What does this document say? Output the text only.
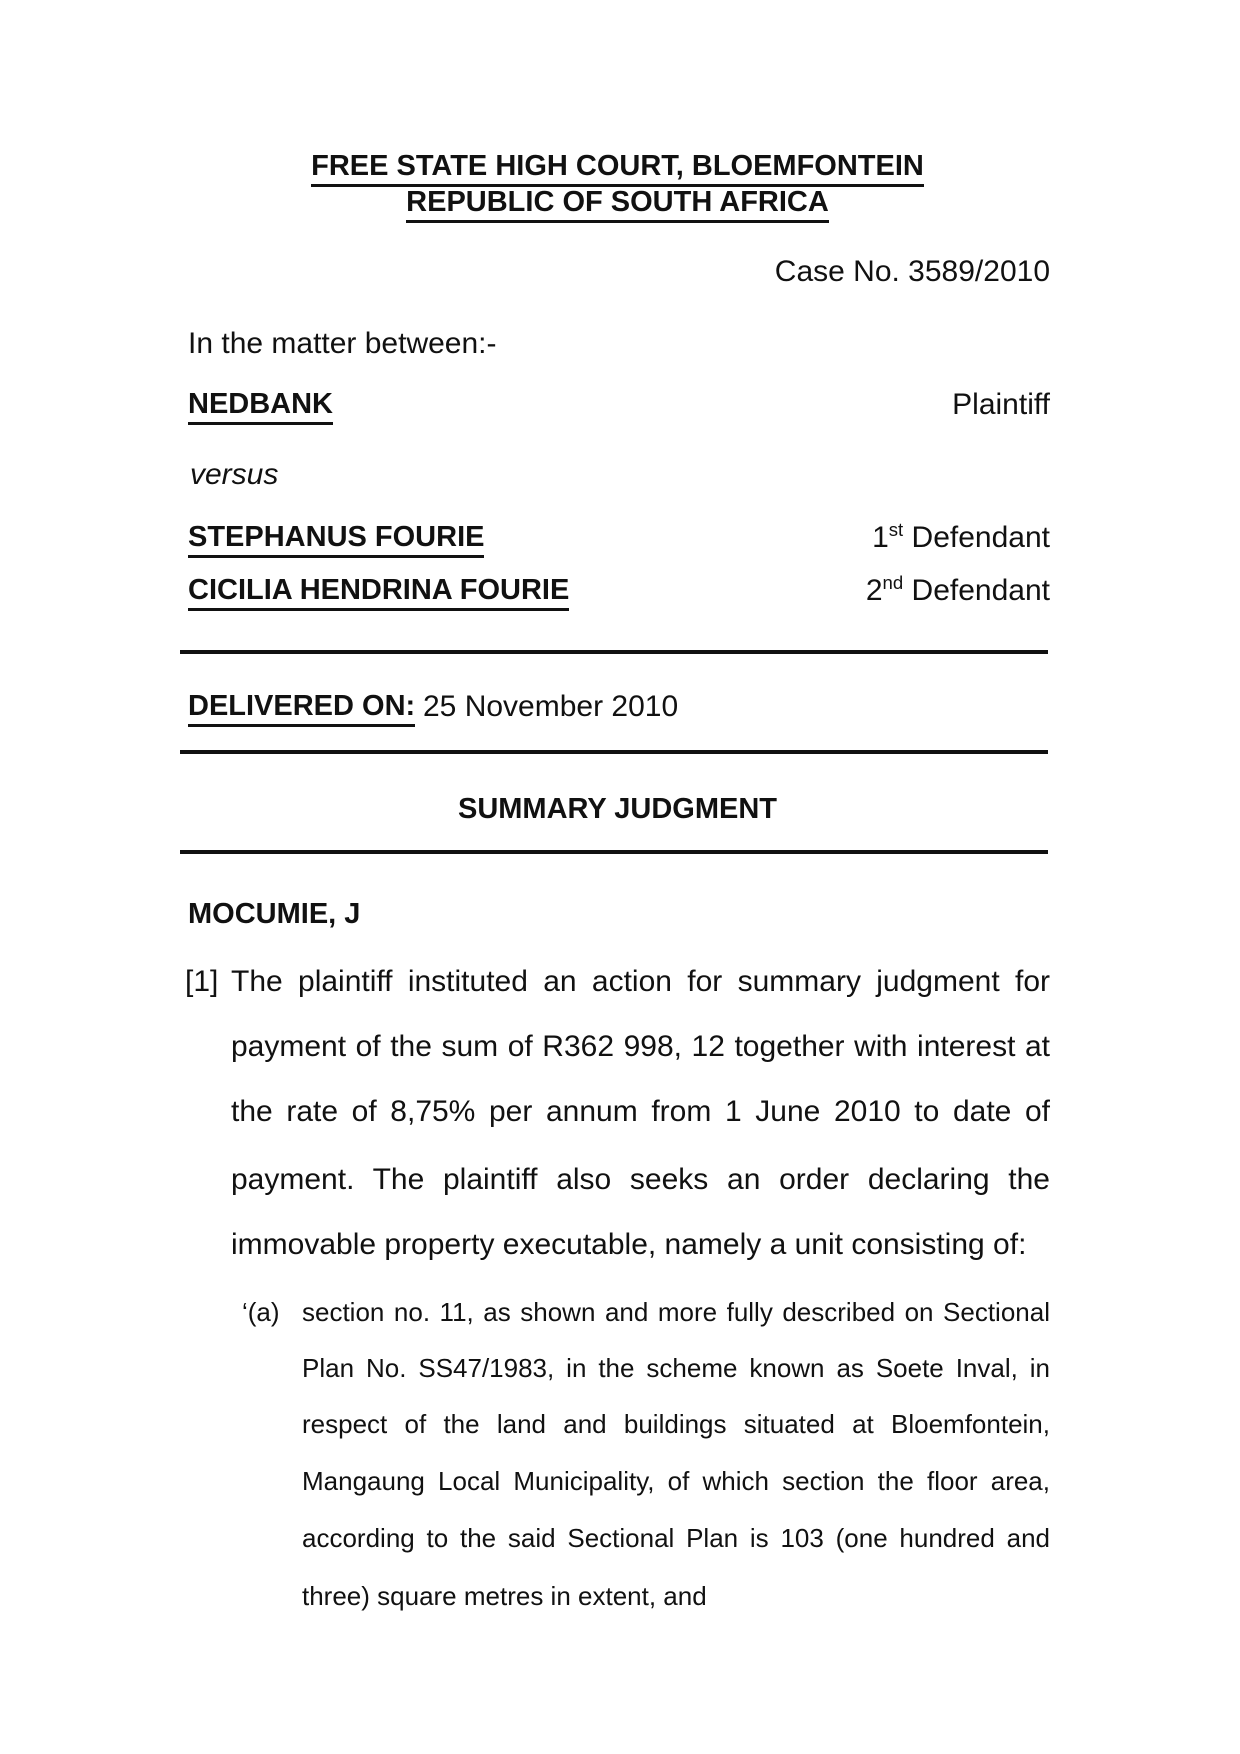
FREE STATE HIGH COURT, BLOEMFONTEIN
REPUBLIC OF SOUTH AFRICA
Case No. 3589/2010
In the matter between:-
NEDBANK	Plaintiff
versus
STEPHANUS FOURIE	1st Defendant
CICILIA HENDRINA FOURIE	2nd Defendant
DELIVERED ON: 25 November 2010
SUMMARY JUDGMENT
MOCUMIE, J
[1] The plaintiff instituted an action for summary judgment for
payment of the sum of R362 998, 12 together with interest at
the rate of 8,75% per annum from 1 June 2010 to date of
payment. The plaintiff also seeks an order declaring the
immovable property executable, namely a unit consisting of:
‘(a) section no. 11, as shown and more fully described on Sectional
Plan No. SS47/1983, in the scheme known as Soete Inval, in
respect of the land and buildings situated at Bloemfontein,
Mangaung Local Municipality, of which section the floor area,
according to the said Sectional Plan is 103 (one hundred and
three) square metres in extent, and
